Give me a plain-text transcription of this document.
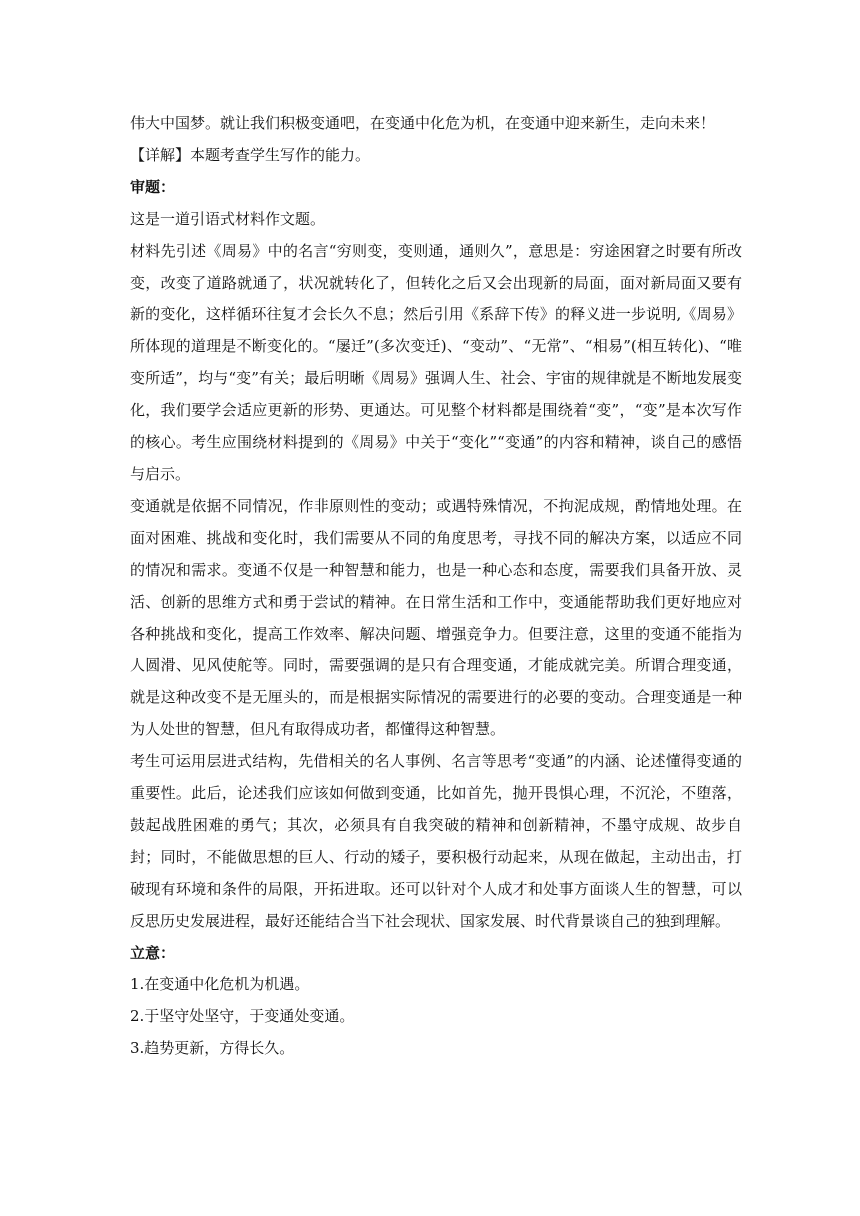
伟大中国梦。就让我们积极变通吧，在变通中化危为机，在变通中迎来新生，走向未来！

【详解】本题考查学生写作的能力。

审题：

这是一道引语式材料作文题。

材料先引述《周易》中的名言“穷则变，变则通，通则久”，意思是：穷途困窘之时要有所改变，改变了道路就通了，状况就转化了，但转化之后又会出现新的局面，面对新局面又要有新的变化，这样循环往复才会长久不息；然后引用《系辞下传》的释义进一步说明,《周易》所体现的道理是不断变化的。“屡迁”(多次变迁)、“变动”、“无常”、“相易”(相互转化)、“唯变所适”，均与“变”有关；最后明晰《周易》强调人生、社会、宇宙的规律就是不断地发展变化，我们要学会适应更新的形势、更通达。可见整个材料都是围绕着“变”，“变”是本次写作的核心。考生应围绕材料提到的《周易》中关于“变化”“变通”的内容和精神，谈自己的感悟与启示。

变通就是依据不同情况，作非原则性的变动；或遇特殊情况，不拘泥成规，酌情地处理。在面对困难、挑战和变化时，我们需要从不同的角度思考，寻找不同的解决方案，以适应不同的情况和需求。变通不仅是一种智慧和能力，也是一种心态和态度，需要我们具备开放、灵活、创新的思维方式和勇于尝试的精神。在日常生活和工作中，变通能帮助我们更好地应对各种挑战和变化，提高工作效率、解决问题、增强竞争力。但要注意，这里的变通不能指为人圆滑、见风使舵等。同时，需要强调的是只有合理变通，才能成就完美。所谓合理变通，就是这种改变不是无厘头的，而是根据实际情况的需要进行的必要的变动。合理变通是一种为人处世的智慧，但凡有取得成功者，都懂得这种智慧。

考生可运用层进式结构，先借相关的名人事例、名言等思考“变通”的内涵、论述懂得变通的重要性。此后，论述我们应该如何做到变通，比如首先，抛开畏惧心理，不沉沦，不堕落，鼓起战胜困难的勇气；其次，必须具有自我突破的精神和创新精神，不墨守成规、故步自封；同时，不能做思想的巨人、行动的矮子，要积极行动起来，从现在做起，主动出击，打破现有环境和条件的局限，开拓进取。还可以针对个人成才和处事方面谈人生的智慧，可以反思历史发展进程，最好还能结合当下社会现状、国家发展、时代背景谈自己的独到理解。

立意：

1.在变通中化危机为机遇。

2.于坚守处坚守，于变通处变通。

3.趋势更新，方得长久。
